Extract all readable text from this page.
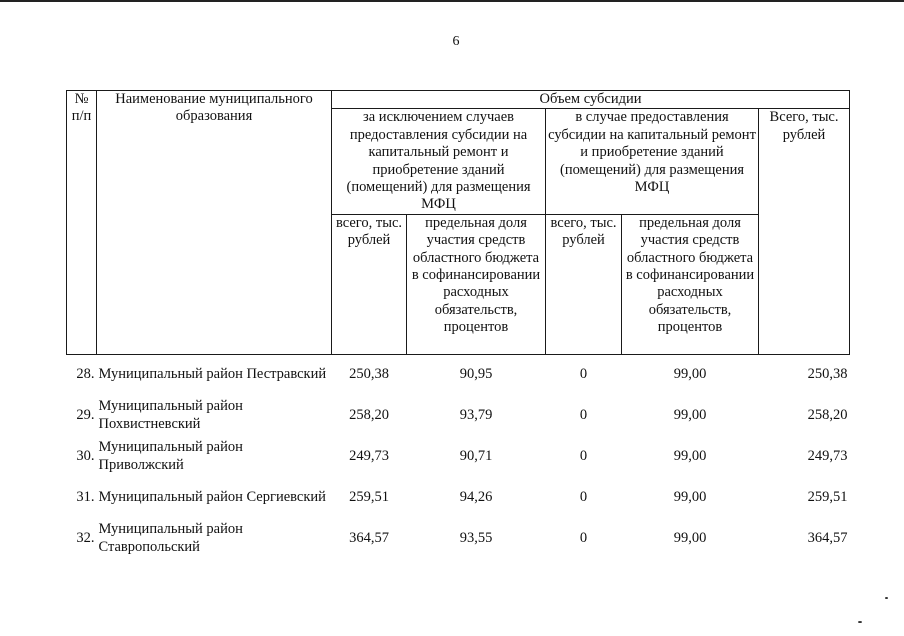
6
№ п/п	Наименование муниципального образования	Объем субсидии				
		за исключением случаев предоставления субсидии на капитальный ремонт и приобретение зданий (помещений) для размещения МФЦ		в случае предоставления субсидии на капитальный ремонт и приобретение зданий (помещений) для размещения МФЦ		Всего, тыс. рублей
		всего, тыс. рублей	предельная доля участия средств областного бюджета в софинансировании расходных обязательств, процентов	всего, тыс. рублей	предельная доля участия средств областного бюджета в софинансировании расходных обязательств, процентов	
28.	Муниципальный район Пестравский	250,38	90,95	0	99,00	250,38
29.	Муниципальный район Похвистневский	258,20	93,79	0	99,00	258,20
30.	Муниципальный район Приволжский	249,73	90,71	0	99,00	249,73
31.	Муниципальный район Сергиевский	259,51	94,26	0	99,00	259,51
32.	Муниципальный район Ставропольский	364,57	93,55	0	99,00	364,57
